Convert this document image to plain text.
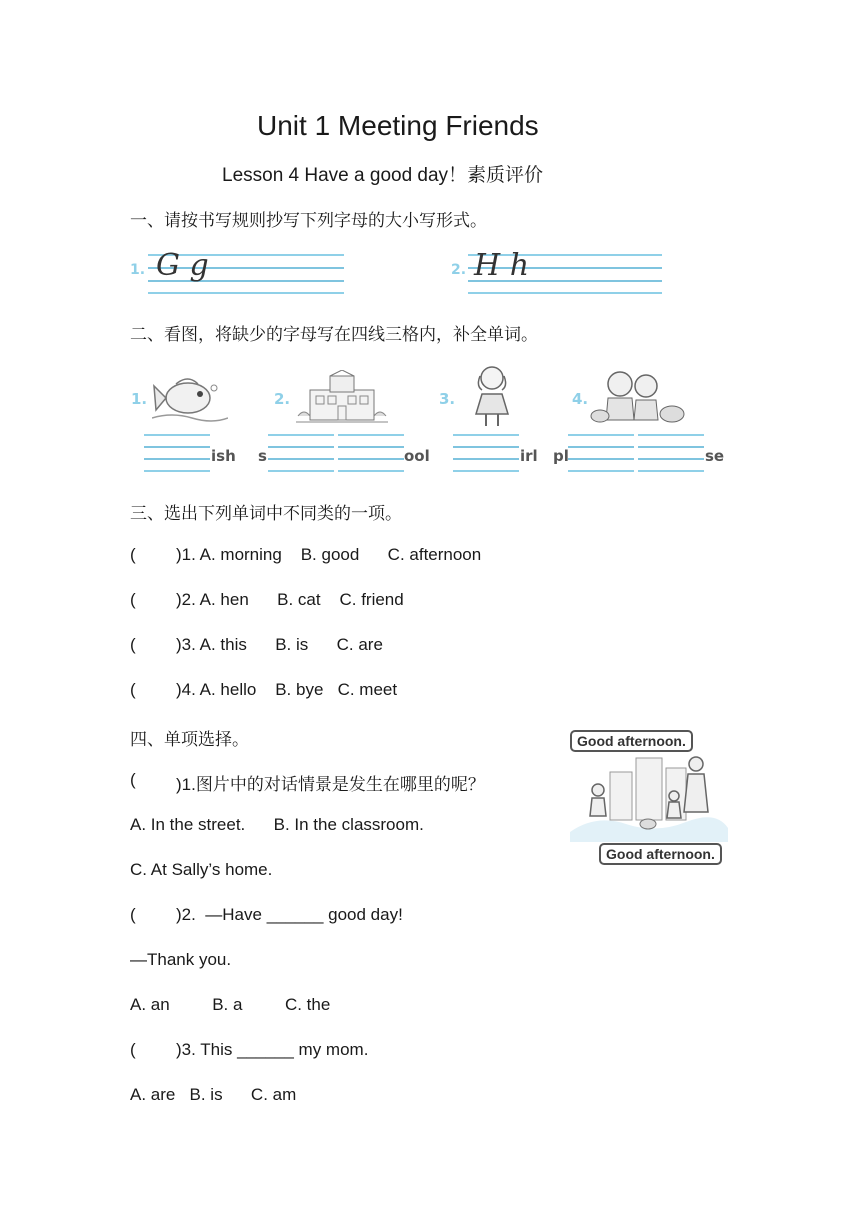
Unit 1 Meeting Friends
Lesson 4 Have a good day！素质评价
一、请按书写规则抄写下列字母的大小写形式。
1. G g	2. H h
二、看图，将缺少的字母写在四线三格内，补全单词。
1.
ish
2.
s	ool
3.
irl
4.
pl	se
三、选出下列单词中不同类的一项。
( )1. A. morning    B. good      C. afternoon
( )2. A. hen      B. cat    C. friend
( )3. A. this      B. is      C. are
( )4. A. hello    B. bye   C. meet
四、单项选择。
( )1.图片中的对话情景是发生在哪里的呢？
A. In the street.      B. In the classroom.
C. At Sally’s home.
( )2.  —Have ______ good day!
—Thank you.
A. an         B. a         C. the
( )3. This ______ my mom.
A. are   B. is      C. am
Good afternoon.
Good afternoon.
